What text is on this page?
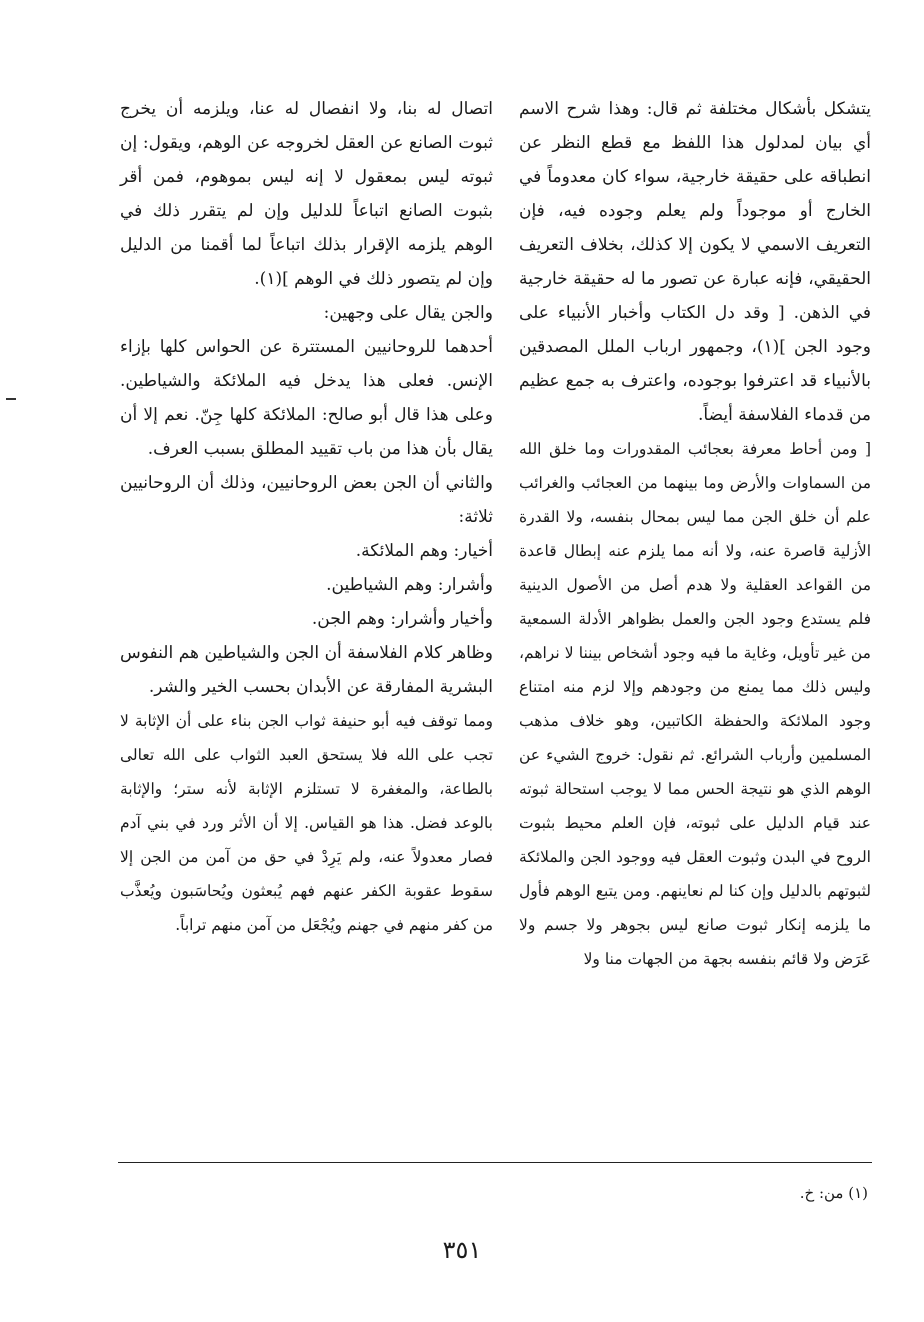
يتشكل بأشكال مختلفة ثم قال: وهذا شرح الاسم أي بيان لمدلول هذا اللفظ مع قطع النظر عن انطباقه على حقيقة خارجية، سواء كان معدوماً في الخارج أو موجوداً ولم يعلم وجوده فيه، فإن التعريف الاسمي لا يكون إلا كذلك، بخلاف التعريف الحقيقي، فإنه عبارة عن تصور ما له حقيقة خارجية في الذهن. [ وقد دل الكتاب وأخبار الأنبياء على وجود الجن ](١)، وجمهور ارباب الملل المصدقين بالأنبياء قد اعترفوا بوجوده، واعترف به جمع عظيم من قدماء الفلاسفة أيضاً.

[ ومن أحاط معرفة بعجائب المقدورات وما خلق الله من السماوات والأرض وما بينهما من العجائب والغرائب علم أن خلق الجن مما ليس بمحال بنفسه، ولا القدرة الأزلية قاصرة عنه، ولا أنه مما يلزم عنه إبطال قاعدة من القواعد العقلية ولا هدم أصل من الأصول الدينية فلم يستدع وجود الجن والعمل بظواهر الأدلة السمعية من غير تأويل، وغاية ما فيه وجود أشخاص بيننا لا نراهم، وليس ذلك مما يمنع من وجودهم وإلا لزم منه امتناع وجود الملائكة والحفظة الكاتبين، وهو خلاف مذهب المسلمين وأرباب الشرائع. ثم نقول: خروج الشيء عن الوهم الذي هو نتيجة الحس مما لا يوجب استحالة ثبوته عند قيام الدليل على ثبوته، فإن العلم محيط بثبوت الروح في البدن وثبوت العقل فيه ووجود الجن والملائكة لثبوتهم بالدليل وإن كنا لم نعاينهم. ومن يتبع الوهم فأول ما يلزمه إنكار ثبوت صانع ليس بجوهر ولا جسم ولا عَرَض ولا قائم بنفسه بجهة من الجهات منا ولا

اتصال له بنا، ولا انفصال له عنا، ويلزمه أن يخرج ثبوت الصانع عن العقل لخروجه عن الوهم، ويقول: إن ثبوته ليس بمعقول لا إنه ليس بموهوم، فمن أقر بثبوت الصانع اتباعاً للدليل وإن لم يتقرر ذلك في الوهم يلزمه الإقرار بذلك اتباعاً لما أقمنا من الدليل وإن لم يتصور ذلك في الوهم ](١).

والجن يقال على وجهين:

أحدهما للروحانيين المستترة عن الحواس كلها بإزاء الإنس. فعلى هذا يدخل فيه الملائكة والشياطين. وعلى هذا قال أبو صالح: الملائكة كلها جِنّ. نعم إلا أن يقال بأن هذا من باب تقييد المطلق بسبب العرف.

والثاني أن الجن بعض الروحانيين، وذلك أن الروحانيين ثلاثة:

أخيار: وهم الملائكة.

وأشرار: وهم الشياطين.

وأخيار وأشرار: وهم الجن.

وظاهر كلام الفلاسفة أن الجن والشياطين هم النفوس البشرية المفارقة عن الأبدان بحسب الخير والشر.

ومما توقف فيه أبو حنيفة ثواب الجن بناء على أن الإثابة لا تجب على الله فلا يستحق العبد الثواب على الله تعالى بالطاعة، والمغفرة لا تستلزم الإثابة لأنه ستر؛ والإثابة بالوعد فضل. هذا هو القياس. إلا أن الأثر ورد في بني آدم فصار معدولاً عنه، ولم يَرِدْ في حق من آمن من الجن إلا سقوط عقوبة الكفر عنهم فهم يُبعثون ويُحاسَبون ويُعذَّب من كفر منهم في جهنم ويُجْعَل من آمن منهم تراباً.

(١) من: خ.
٣٥١
